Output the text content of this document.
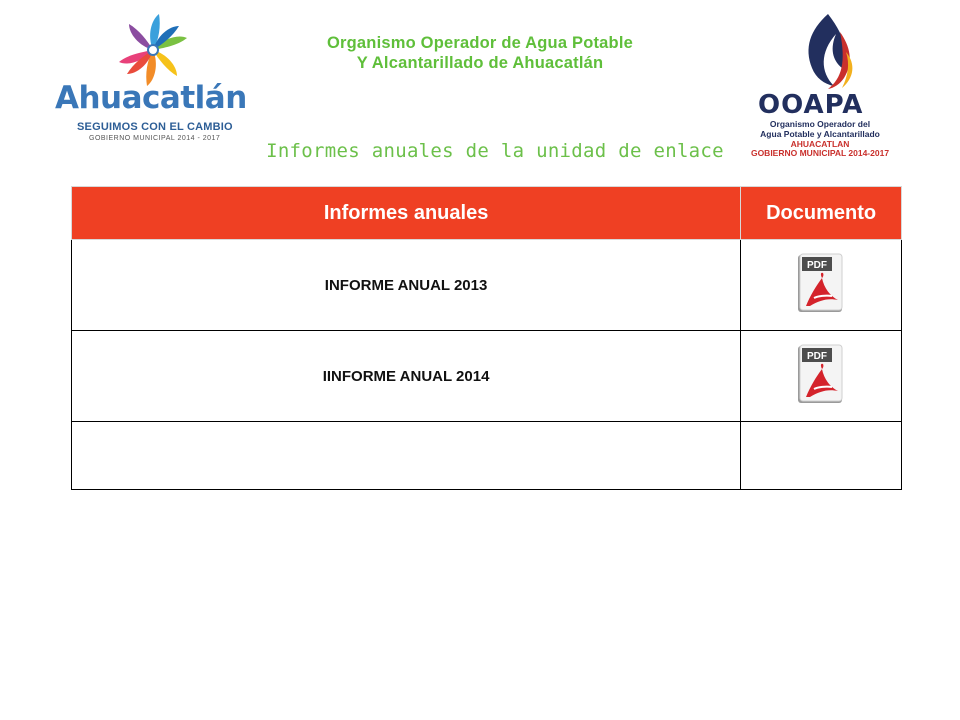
Ahuacatlán
SEGUIMOS CON EL CAMBIO
GOBIERNO MUNICIPAL 2014 - 2017
Organismo Operador de Agua Potable
Y Alcantarillado de Ahuacatlán
Informes anuales de la unidad de enlace
OOAPA
Organismo Operador del
Agua Potable y Alcantarillado
AHUACATLAN
GOBIERNO MUNICIPAL 2014-2017
Informes anuales	Documento
INFORME ANUAL 2013	PDF

IINFORME ANUAL 2014	PDF
